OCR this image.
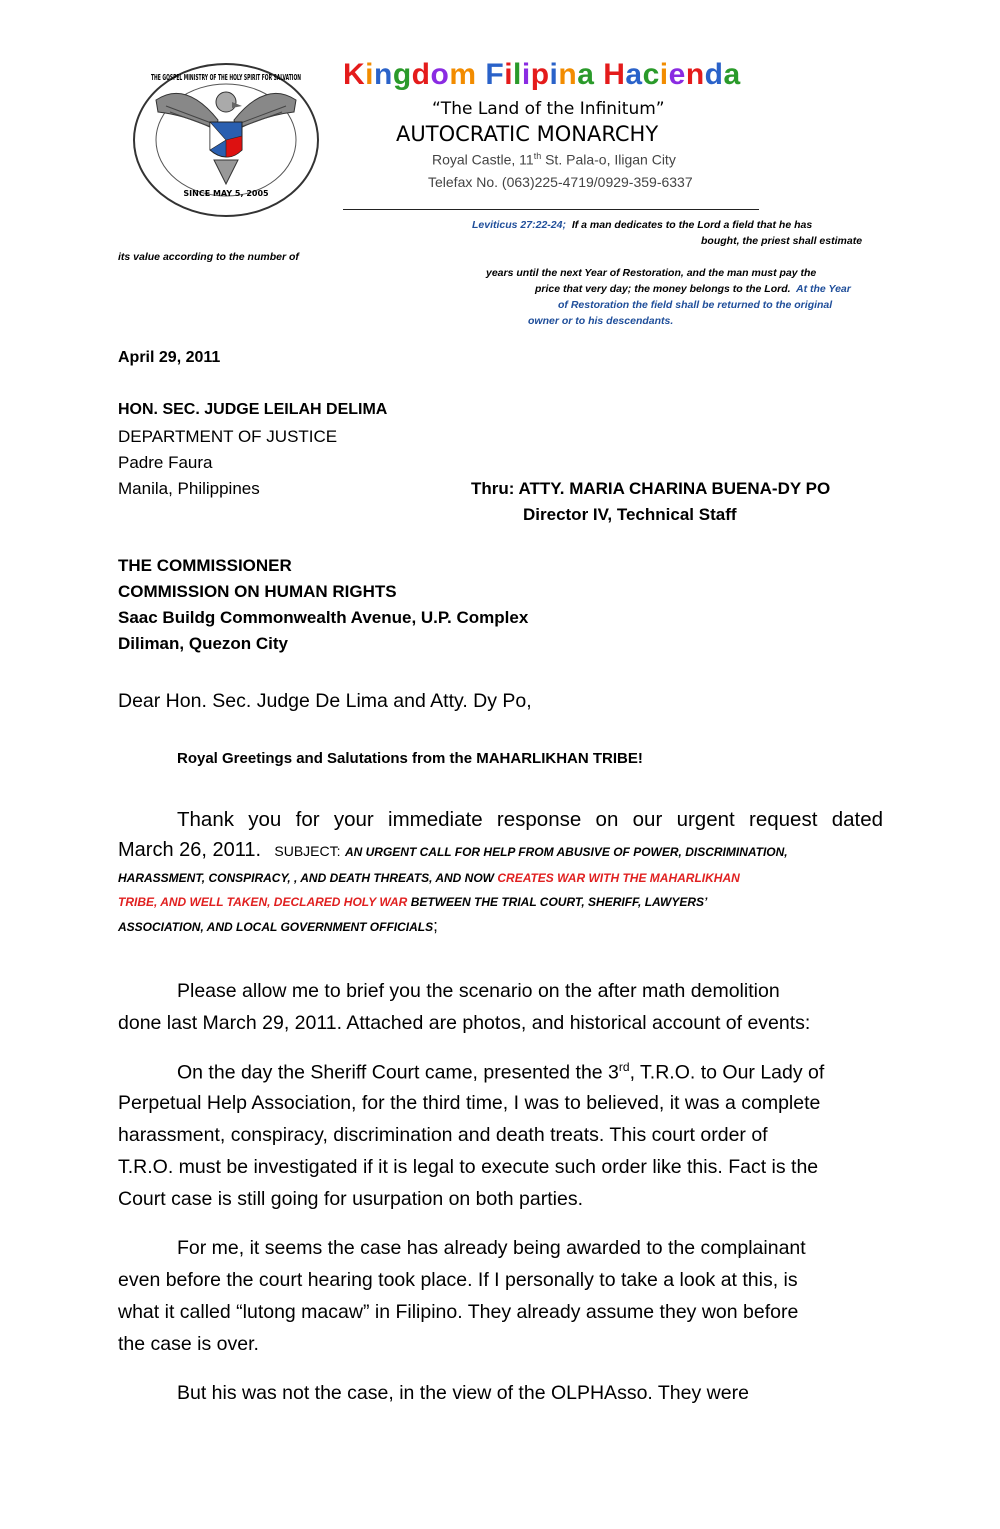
SINCE MAY 5, 2005
THE GOSPEL MINISTRY OF THE HOLY SPIRIT FOR SALVATION Kingdom Filipina Hacienda
“The Land of the Infinitum”
AUTOCRATIC MONARCHY
Royal Castle, 11th St. Pala-o, Iligan City
Telefax No. (063)225-4719/0929-359-6337
Leviticus 27:22-24; If a man dedicates to the Lord a field that he has
bought, the priest shall estimate
its value according to the number of
years until the next Year of Restoration, and the man must pay the
price that very day; the money belongs to the Lord. At the Year
of Restoration the field shall be returned to the original
owner or to his descendants.
April 29, 2011
HON. SEC. JUDGE LEILAH DELIMA
DEPARTMENT OF JUSTICE
Padre Faura
Manila, Philippines	Thru: ATTY. MARIA CHARINA BUENA-DY PO
Director IV, Technical Staff
THE COMMISSIONER
COMMISSION ON HUMAN RIGHTS
Saac Buildg Commonwealth Avenue, U.P. Complex
Diliman, Quezon City
Dear Hon. Sec. Judge De Lima and Atty. Dy Po,
Royal Greetings and Salutations from the MAHARLIKHAN TRIBE!
Thank you for your immediate response on our urgent request dated
March 26, 2011. SUBJECT: AN URGENT CALL FOR HELP FROM ABUSIVE OF POWER, DISCRIMINATION,
HARASSMENT, CONSPIRACY, , AND DEATH THREATS, AND NOW CREATES WAR WITH THE MAHARLIKHAN
TRIBE, AND WELL TAKEN, DECLARED HOLY WAR BETWEEN THE TRIAL COURT, SHERIFF, LAWYERS’
ASSOCIATION, AND LOCAL GOVERNMENT OFFICIALS;
Please allow me to brief you the scenario on the after math demolition
done last March 29, 2011. Attached are photos, and historical account of events:
On the day the Sheriff Court came, presented the 3rd, T.R.O. to Our Lady of
Perpetual Help Association, for the third time, I was to believed, it was a complete
harassment, conspiracy, discrimination and death treats. This court order of
T.R.O. must be investigated if it is legal to execute such order like this. Fact is the
Court case is still going for usurpation on both parties.
For me, it seems the case has already being awarded to the complainant
even before the court hearing took place. If I personally to take a look at this, is
what it called “lutong macaw” in Filipino. They already assume they won before
the case is over.
But his was not the case, in the view of the OLPHAsso. They were
